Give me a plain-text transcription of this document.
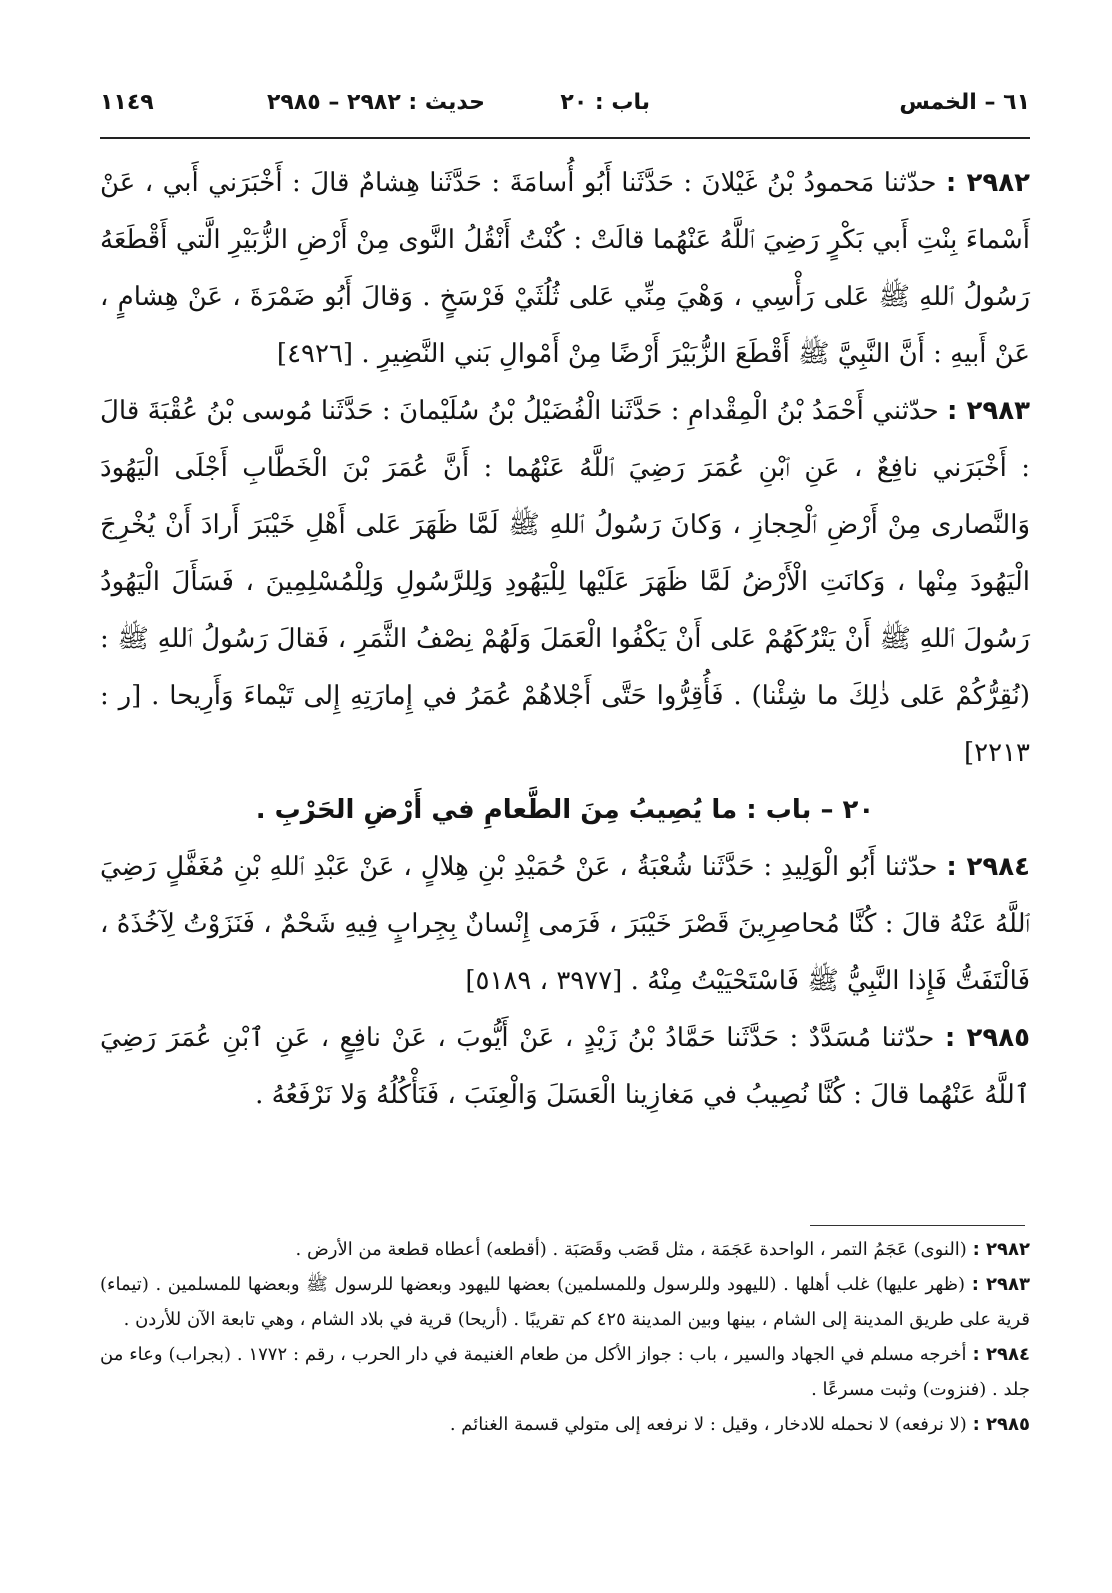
٦١ – الخمس
باب : ٢٠
حديث : ٢٩٨٢ – ٢٩٨٥
١١٤٩

٢٩٨٢ : حدّثنا مَحمودُ بْنُ غَيْلانَ : حَدَّثَنا أَبُو أُسامَةَ : حَدَّثَنا هِشامٌ قالَ : أَخْبَرَني أَبي ، عَنْ أَسْماءَ بِنْتِ أَبي بَكْرٍ رَضِيَ ٱللَّهُ عَنْهُما قالَتْ : كُنْتُ أَنْقُلُ النَّوى مِنْ أَرْضِ الزُّبَيْرِ الَّتي أَقْطَعَهُ رَسُولُ ٱللهِ ﷺ عَلى رَأْسِي ، وَهْيَ مِنِّي عَلى ثُلُثَيْ فَرْسَخٍ . وَقالَ أَبُو ضَمْرَةَ ، عَنْ هِشامٍ ، عَنْ أَبيهِ : أَنَّ النَّبِيَّ ﷺ أَقْطَعَ الزُّبَيْرَ أَرْضًا مِنْ أَمْوالِ بَني النَّضِيرِ . [٤٩٢٦]

٢٩٨٣ : حدّثني أَحْمَدُ بْنُ الْمِقْدامِ : حَدَّثَنا الْفُضَيْلُ بْنُ سُلَيْمانَ : حَدَّثَنا مُوسى بْنُ عُقْبَةَ قالَ : أَخْبَرَني نافِعٌ ، عَنِ ٱبْنِ عُمَرَ رَضِيَ ٱللَّهُ عَنْهُما : أَنَّ عُمَرَ بْنَ الْخَطَّابِ أَجْلَى الْيَهُودَ وَالنَّصارى مِنْ أَرْضِ ٱلْحِجازِ ، وَكانَ رَسُولُ ٱللهِ ﷺ لَمَّا ظَهَرَ عَلى أَهْلِ خَيْبَرَ أَرادَ أَنْ يُخْرِجَ الْيَهُودَ مِنْها ، وَكانَتِ الْأَرْضُ لَمَّا ظَهَرَ عَلَيْها لِلْيَهُودِ وَلِلرَّسُولِ وَلِلْمُسْلِمِينَ ، فَسَأَلَ الْيَهُودُ رَسُولَ ٱللهِ ﷺ أَنْ يَتْرُكَهُمْ عَلى أَنْ يَكْفُوا الْعَمَلَ وَلَهُمْ نِصْفُ الثَّمَرِ ، فَقالَ رَسُولُ ٱللهِ ﷺ : (نُقِرُّكُمْ عَلى ذٰلِكَ ما شِئْنا) . فَأُقِرُّوا حَتَّى أَجْلاهُمْ عُمَرُ في إِمارَتِهِ إِلى تَيْماءَ وَأَرِيحا . [ر : ٢٢١٣]

٢٠ – باب : ما يُصِيبُ مِنَ الطَّعامِ في أَرْضِ الحَرْبِ .

٢٩٨٤ : حدّثنا أَبُو الْوَلِيدِ : حَدَّثَنا شُعْبَةُ ، عَنْ حُمَيْدِ بْنِ هِلالٍ ، عَنْ عَبْدِ ٱللهِ بْنِ مُغَفَّلٍ رَضِيَ ٱللَّهُ عَنْهُ قالَ : كُنَّا مُحاصِرِينَ قَصْرَ خَيْبَرَ ، فَرَمى إِنْسانٌ بِجِرابٍ فِيهِ شَحْمٌ ، فَنَزَوْتُ لِآخُذَهُ ، فَالْتَفَتُّ فَإِذا النَّبِيُّ ﷺ فَاسْتَحْيَيْتُ مِنْهُ . [٣٩٧٧ ، ٥١٨٩]

٢٩٨٥ : حدّثنا مُسَدَّدٌ : حَدَّثَنا حَمَّادُ بْنُ زَيْدٍ ، عَنْ أَيُّوبَ ، عَنْ نافِعٍ ، عَنِ ٱبْنِ عُمَرَ رَضِيَ ٱللَّهُ عَنْهُما قالَ : كُنَّا نُصِيبُ في مَغازِينا الْعَسَلَ وَالْعِنَبَ ، فَنَأْكُلُهُ وَلا نَرْفَعُهُ .

٢٩٨٢ : (النوى) عَجَمُ التمر ، الواحدة عَجَمَة ، مثل قَصَب وقَصَبَة . (أقطعه) أعطاه قطعة من الأرض .

٢٩٨٣ : (ظهر عليها) غلب أهلها . (لليهود وللرسول وللمسلمين) بعضها لليهود وبعضها للرسول ﷺ وبعضها للمسلمين . (تيماء) قرية على طريق المدينة إلى الشام ، بينها وبين المدينة ٤٢٥ كم تقريبًا . (أريحا) قرية في بلاد الشام ، وهي تابعة الآن للأردن .

٢٩٨٤ : أخرجه مسلم في الجهاد والسير ، باب : جواز الأكل من طعام الغنيمة في دار الحرب ، رقم : ١٧٧٢ . (بجراب) وعاء من جلد . (فنزوت) وثبت مسرعًا .

٢٩٨٥ : (لا نرفعه) لا نحمله للادخار ، وقيل : لا نرفعه إلى متولي قسمة الغنائم .
